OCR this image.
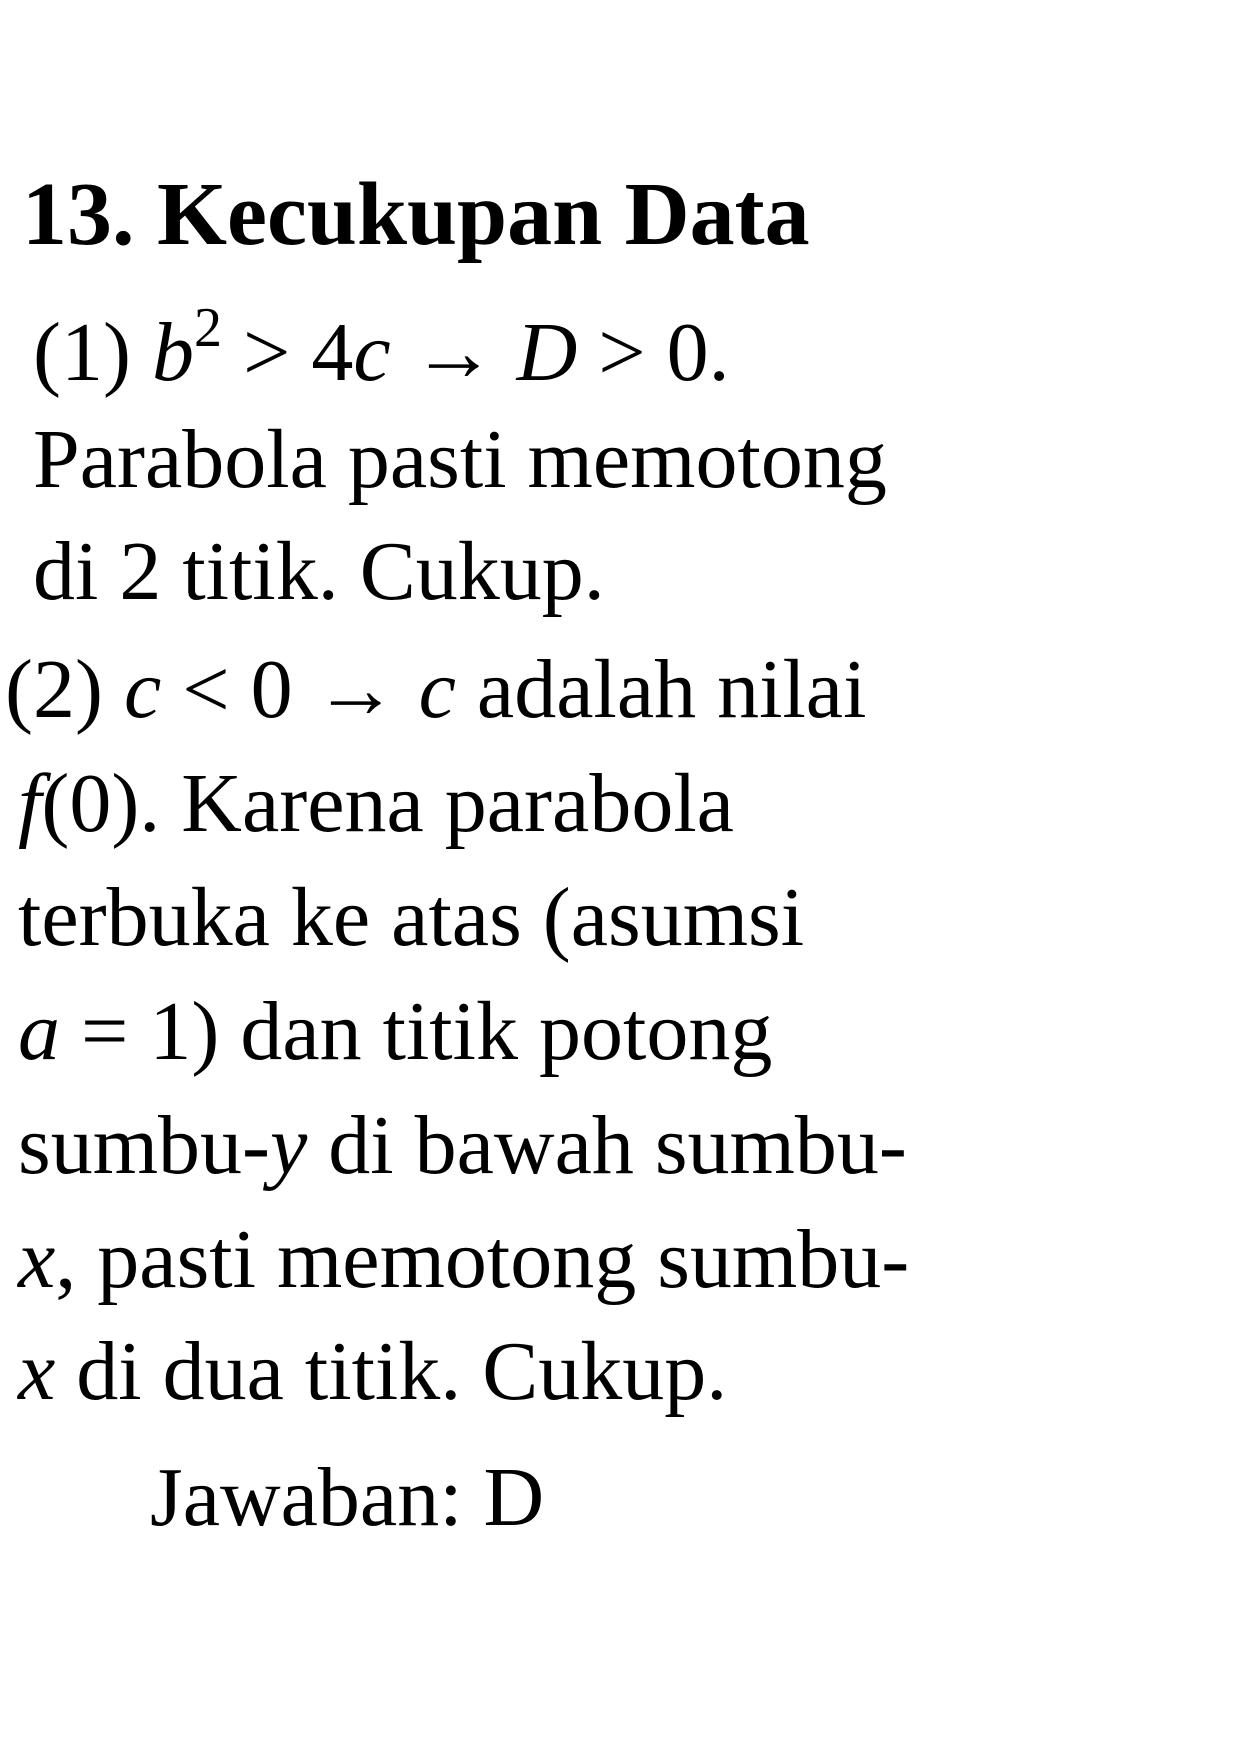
13. Kecukupan Data
(1) $b^2 > 4c \to D > 0$.
Parabola pasti memotong
di 2 titik. Cukup.
(2) c < 0 → c adalah nilai
f(0). Karena parabola
terbuka ke atas (asumsi
a = 1) dan titik potong
sumbu-y di bawah sumbu-
x, pasti memotong sumbu-
x di dua titik. Cukup.
Jawaban: D
